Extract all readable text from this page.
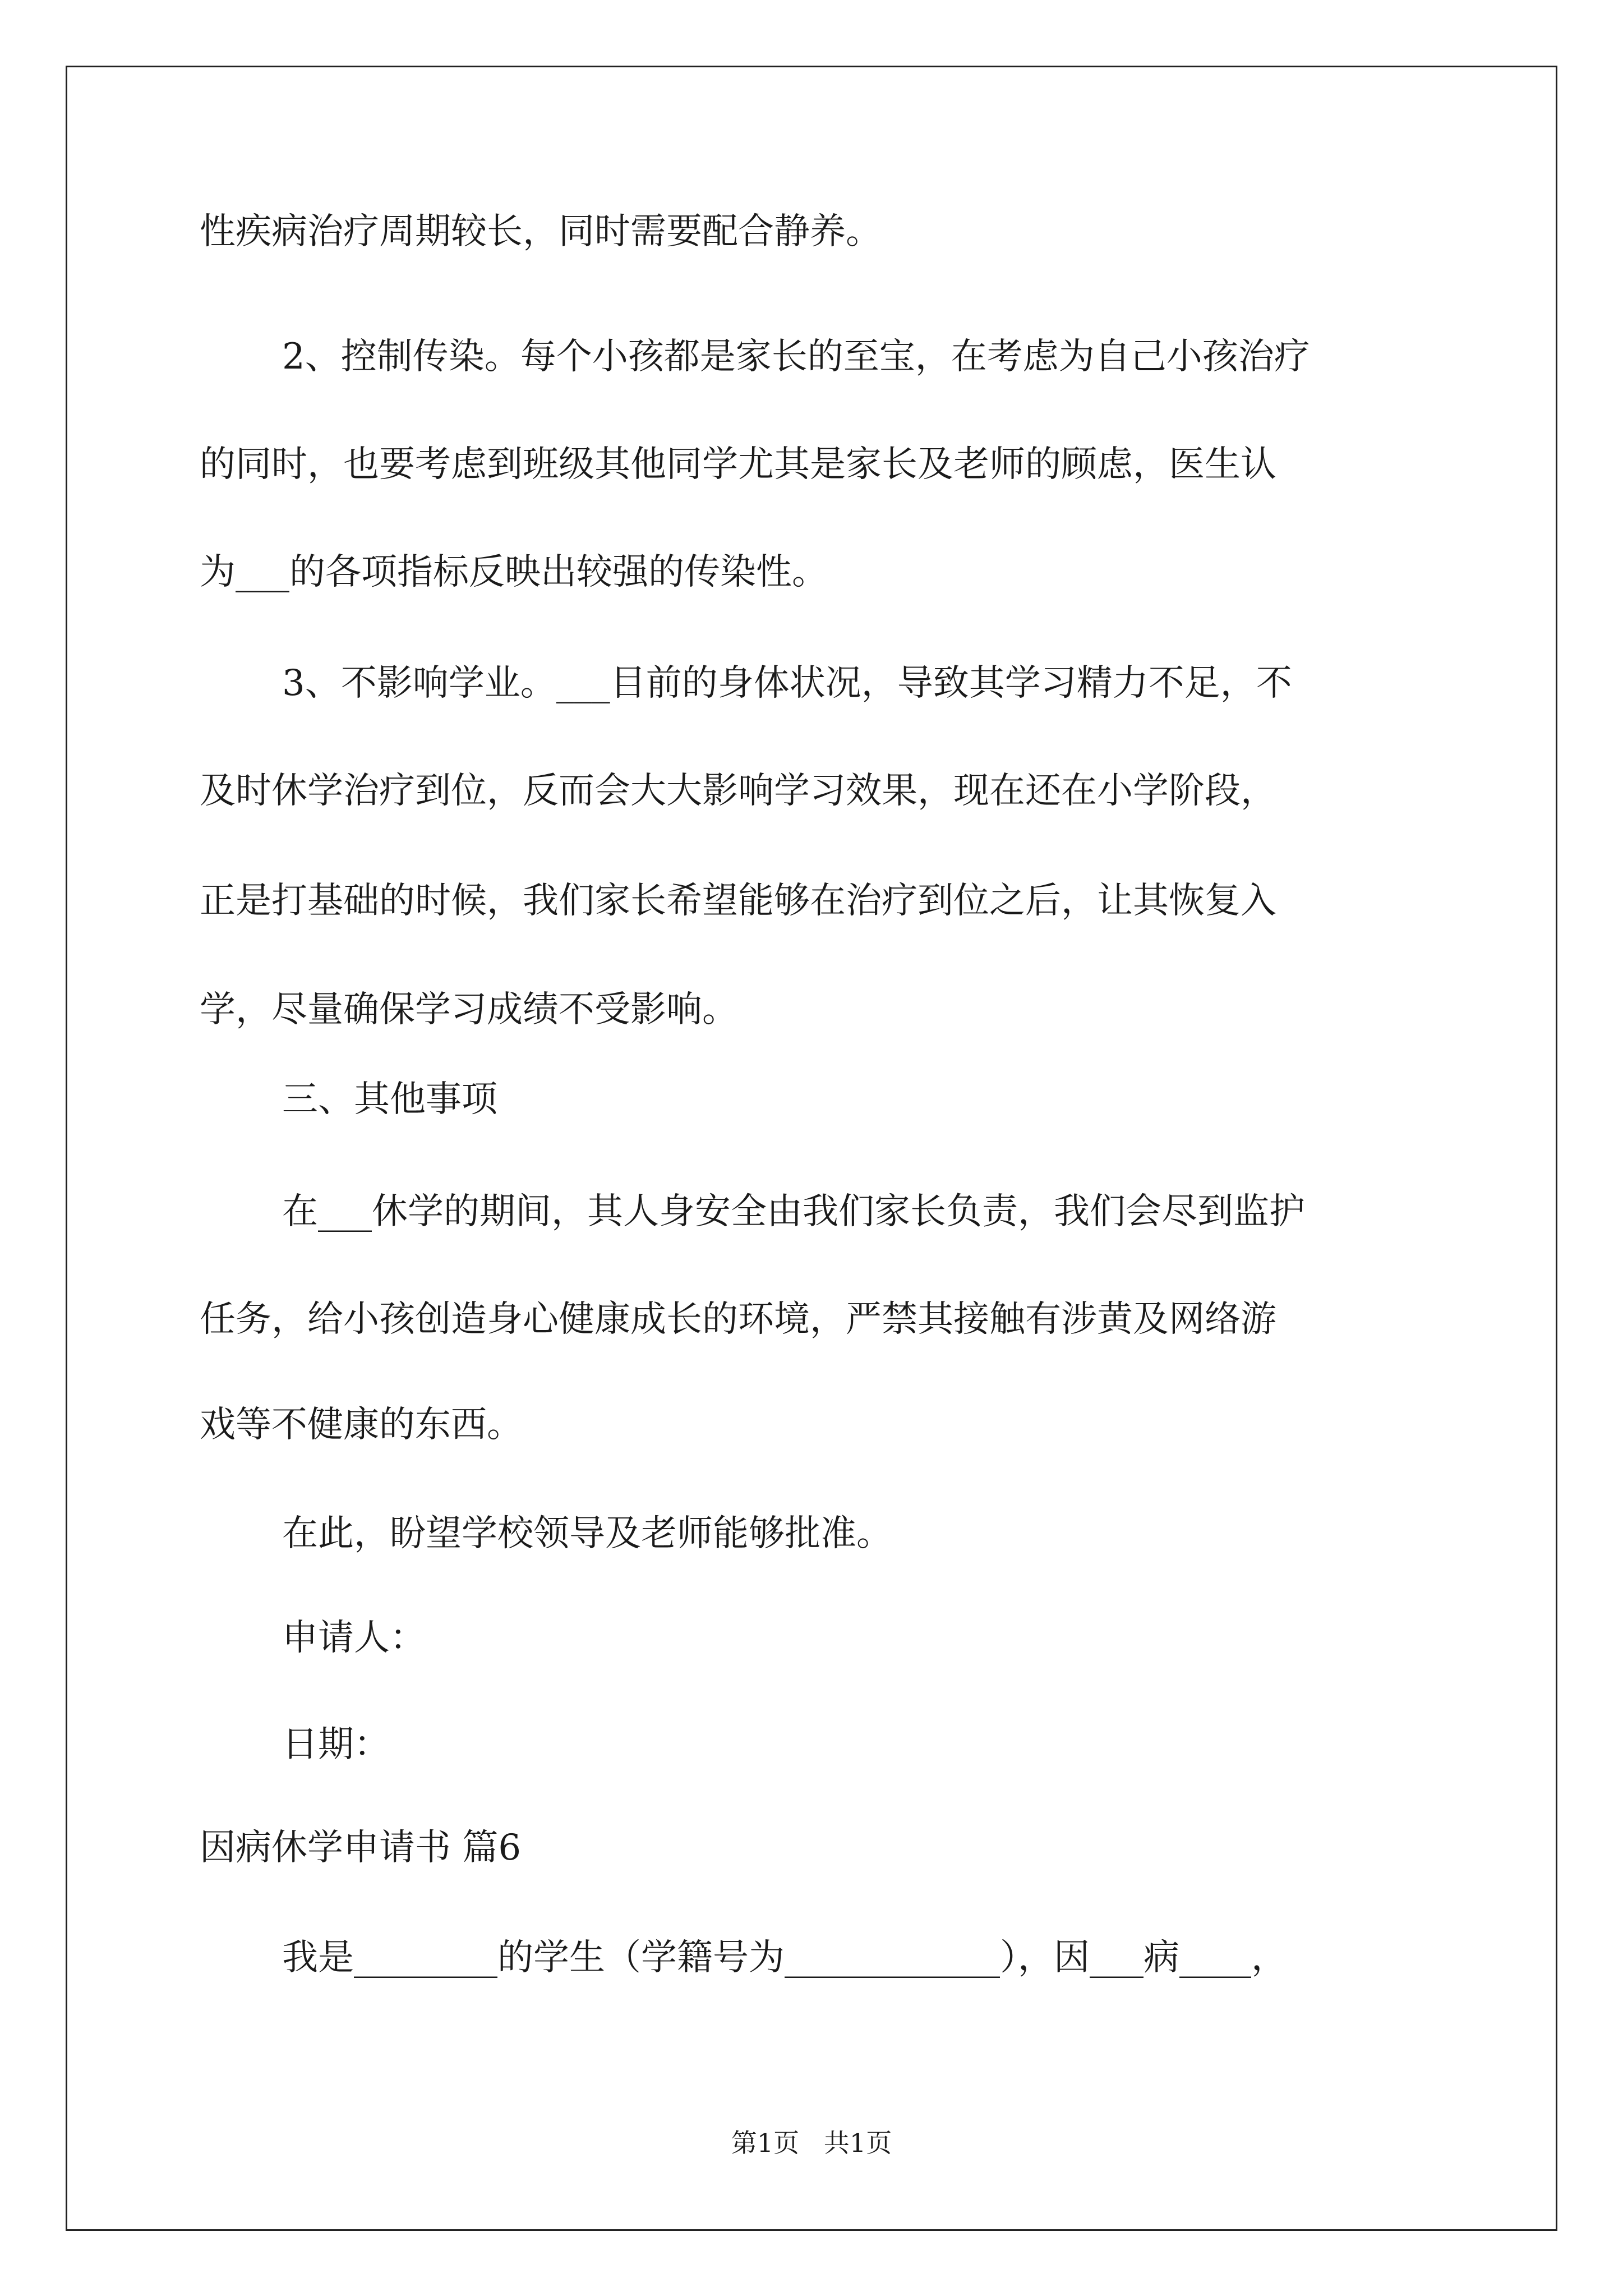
性疾病治疗周期较长，同时需要配合静养。
2、控制传染。每个小孩都是家长的至宝，在考虑为自己小孩治疗
的同时，也要考虑到班级其他同学尤其是家长及老师的顾虑，医生认
为___的各项指标反映出较强的传染性。
3、不影响学业。___目前的身体状况，导致其学习精力不足，不
及时休学治疗到位，反而会大大影响学习效果，现在还在小学阶段，
正是打基础的时候，我们家长希望能够在治疗到位之后，让其恢复入
学，尽量确保学习成绩不受影响。
三、其他事项
在___休学的期间，其人身安全由我们家长负责，我们会尽到监护
任务，给小孩创造身心健康成长的环境，严禁其接触有涉黄及网络游
戏等不健康的东西。
在此，盼望学校领导及老师能够批准。
申请人：
日期：
因病休学申请书 篇6
我是________的学生（学籍号为____________），因___病____，
第1页   共1页
